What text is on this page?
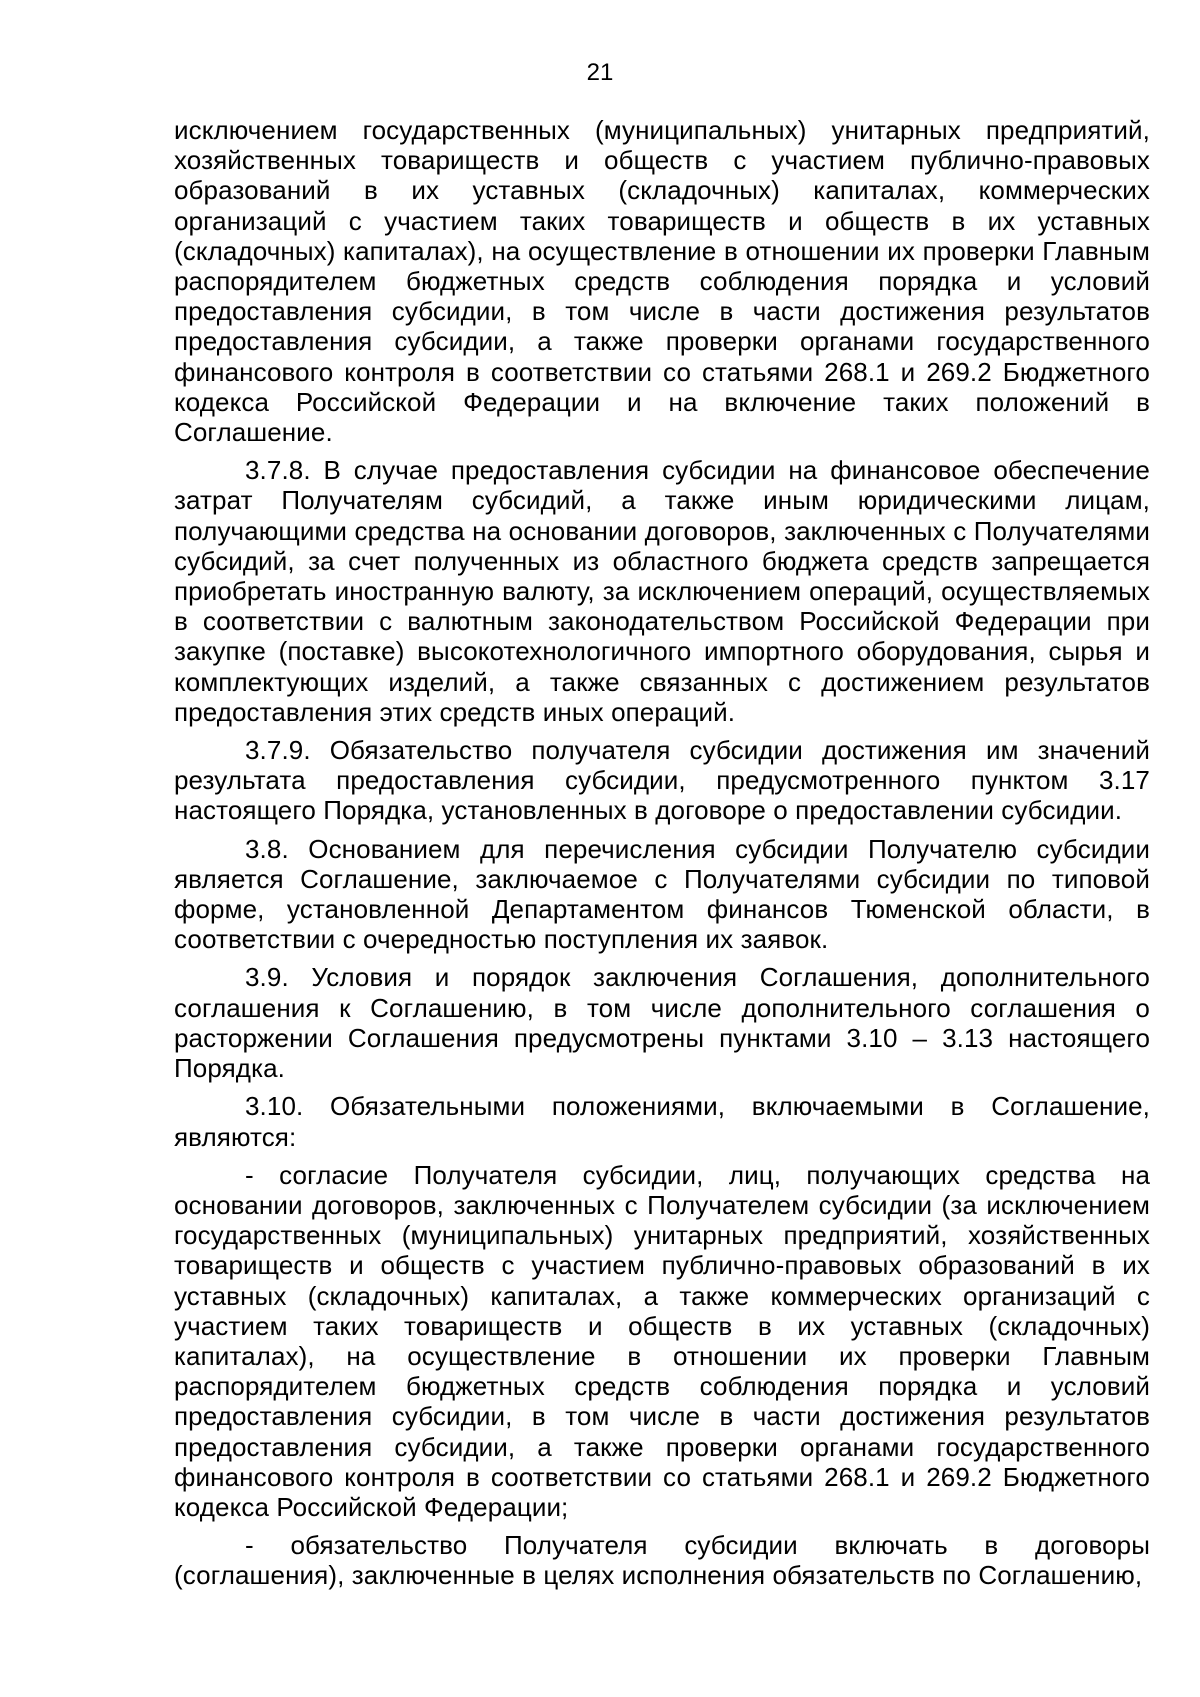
21

исключением государственных (муниципальных) унитарных предприятий, хозяйственных товариществ и обществ с участием публично-правовых образований в их уставных (складочных) капиталах, коммерческих организаций с участием таких товариществ и обществ в их уставных (складочных) капиталах), на осуществление в отношении их проверки Главным распорядителем бюджетных средств соблюдения порядка и условий предоставления субсидии, в том числе в части достижения результатов предоставления субсидии, а также проверки органами государственного финансового контроля в соответствии со статьями 268.1 и 269.2 Бюджетного кодекса Российской Федерации и на включение таких положений в Соглашение.

3.7.8. В случае предоставления субсидии на финансовое обеспечение затрат Получателям субсидий, а также иным юридическими лицам, получающими средства на основании договоров, заключенных с Получателями субсидий, за счет полученных из областного бюджета средств запрещается приобретать иностранную валюту, за исключением операций, осуществляемых в соответствии с валютным законодательством Российской Федерации при закупке (поставке) высокотехнологичного импортного оборудования, сырья и комплектующих изделий, а также связанных с достижением результатов предоставления этих средств иных операций.

3.7.9. Обязательство получателя субсидии достижения им значений результата предоставления субсидии, предусмотренного пунктом 3.17 настоящего Порядка, установленных в договоре о предоставлении субсидии.

3.8. Основанием для перечисления субсидии Получателю субсидии является Соглашение, заключаемое с Получателями субсидии по типовой форме, установленной Департаментом финансов Тюменской области, в соответствии с очередностью поступления их заявок.

3.9. Условия и порядок заключения Соглашения, дополнительного соглашения к Соглашению, в том числе дополнительного соглашения о расторжении Соглашения предусмотрены пунктами 3.10 – 3.13 настоящего Порядка.

3.10. Обязательными положениями, включаемыми в Соглашение, являются:

- согласие Получателя субсидии, лиц, получающих средства на основании договоров, заключенных с Получателем субсидии (за исключением государственных (муниципальных) унитарных предприятий, хозяйственных товариществ и обществ с участием публично-правовых образований в их уставных (складочных) капиталах, а также коммерческих организаций с участием таких товариществ и обществ в их уставных (складочных) капиталах), на осуществление в отношении их проверки Главным распорядителем бюджетных средств соблюдения порядка и условий предоставления субсидии, в том числе в части достижения результатов предоставления субсидии, а также проверки органами государственного финансового контроля в соответствии со статьями 268.1 и 269.2 Бюджетного кодекса Российской Федерации;

- обязательство Получателя субсидии включать в договоры (соглашения), заключенные в целях исполнения обязательств по Соглашению,
